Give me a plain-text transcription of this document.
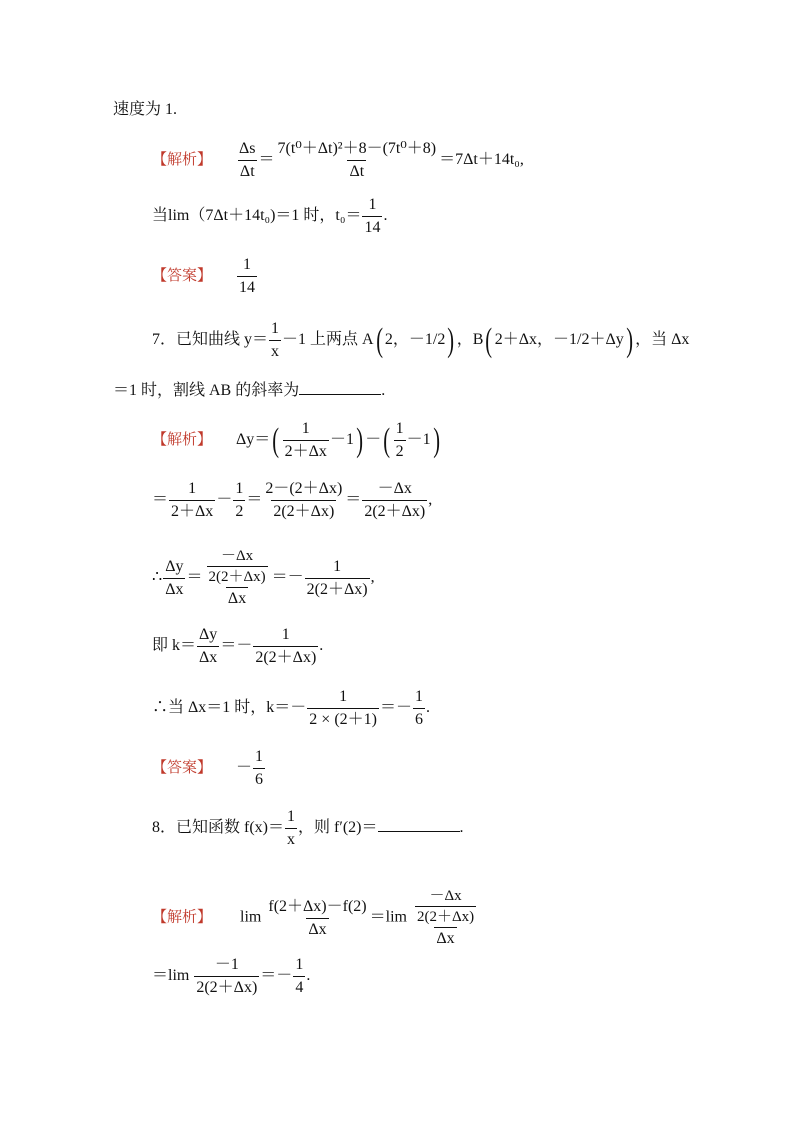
速度为 1.
【解析】 $\frac{\Delta s}{\Delta t} = \frac{\text{7(t⁰＋Δt)²＋8－(7t⁰＋8)}}{\Delta t} =7\Delta t+14t_0$,
当lim（7Δt＋14t₀)＝1 时，$t_0= \frac{1}{14}$ .
【答案】 $\frac{1}{14}$
7．已知曲线 $y= \frac{1}{x} -1$ 上两点 A( 2，－1/2) ，B( 2＋Δx，－1/2＋Δy) ，当 Δx
＝1 时，割线 AB 的斜率为	.
【解析】 $\Delta y=( \frac{1}{2+\Delta x} -1)$ －( $\frac{1}{2} -1$)
＝ $\frac{1}{2+\Delta x} - \frac{1}{2} = \frac{2-(2+\Delta x)}{2(2+\Delta x)} = \frac{-\Delta x}{2(2+\Delta x)}$ ,
∴ $\frac{\Delta y}{\Delta x} = \frac{\frac{-\Delta x}{2(2+\Delta x)}}{\Delta x} =- \frac{1}{2(2+\Delta x)}$ ,
即 $k= \frac{\Delta y}{\Delta x} =- \frac{1}{2(2+\Delta x)}$ .
∴当 Δx＝1 时，$k=- \frac{1}{2 \times (2+1)} =- \frac{1}{6}$ .
【答案】 － $\frac{1}{6}$
8．已知函数 $f(x)= \frac{1}{x}$ ，则 f′(2)＝	.
【解析】 $\lim \frac{f(2+\Delta x)-f(2)}{\Delta x} =\lim \frac{\frac{-\Delta x}{2(2+\Delta x)}}{\Delta x}$
$=\lim \frac{-1}{2(2+\Delta x)} =- \frac{1}{4}$ .
